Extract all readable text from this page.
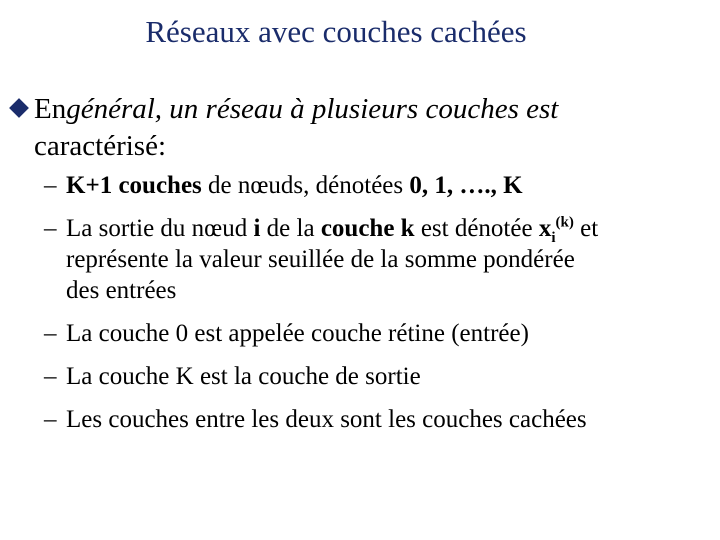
Réseaux avec couches cachées
En général, un réseau à plusieurs couches est
caractérisé:
– K+1 couches de nœuds, dénotées 0, 1, …., K
– La sortie du nœud i de la couche k est dénotée $x_i^{(k)}$ et
représente la valeur seuillée de la somme pondérée
des entrées
– La couche 0 est appelée couche rétine (entrée)
– La couche K est la couche de sortie
– Les couches entre les deux sont les couches cachées
